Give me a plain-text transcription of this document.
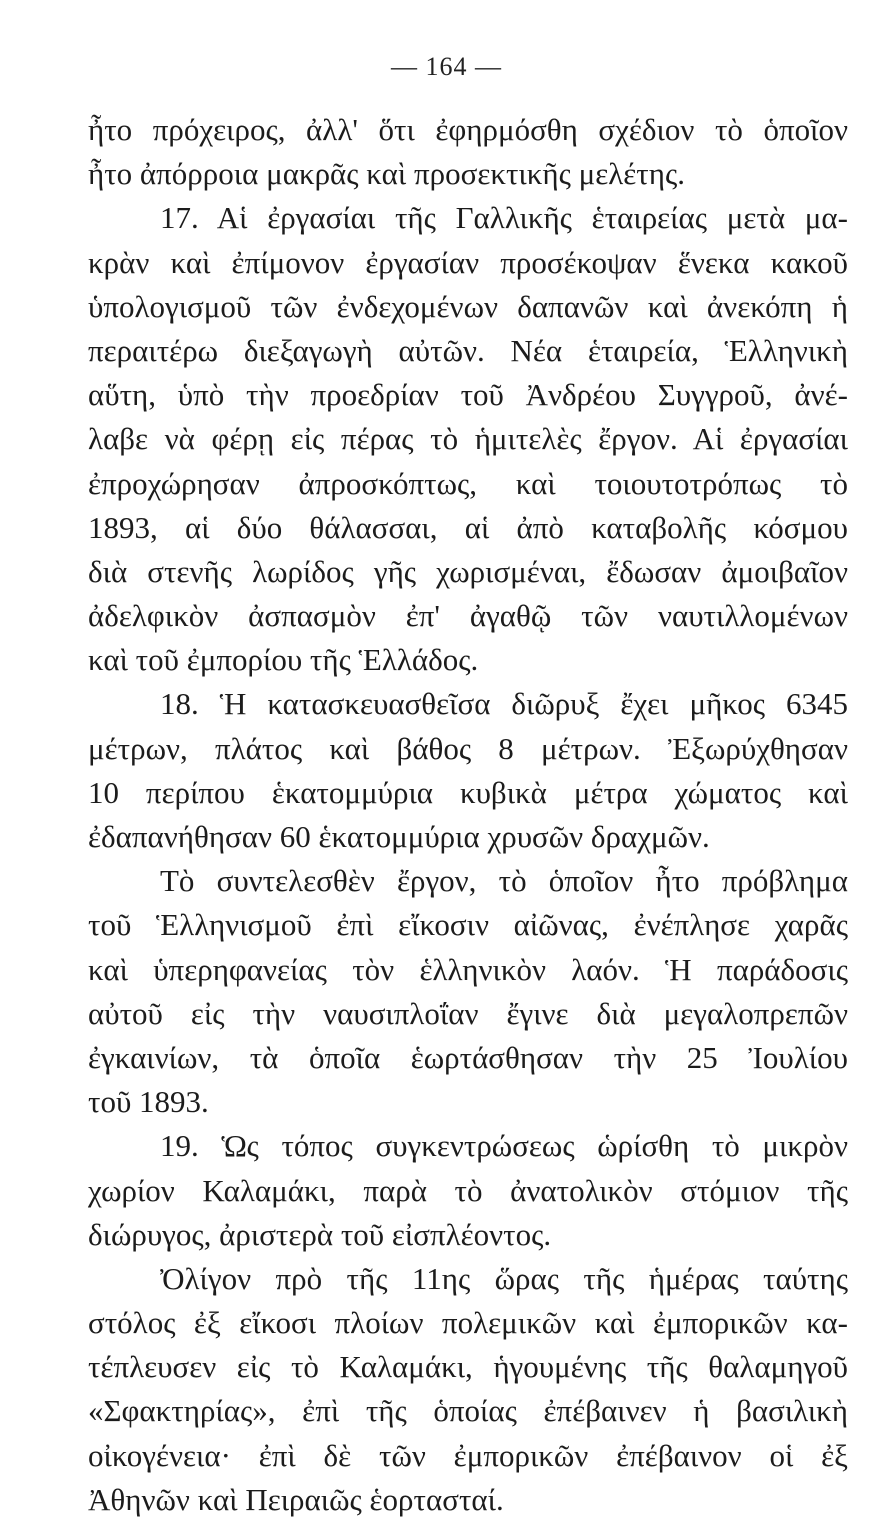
— 164 —
ἦτο πρόχειρος, ἀλλ' ὅτι ἐφηρμόσθη σχέδιον τὸ ὁποῖον
ἦτο ἀπόρροια μακρᾶς καὶ προσεκτικῆς μελέτης.
17. Αἱ ἐργασίαι τῆς Γαλλικῆς ἑταιρείας μετὰ μα-
κρὰν καὶ ἐπίμονον ἐργασίαν προσέκοψαν ἕνεκα κακοῦ
ὑπολογισμοῦ τῶν ἐνδεχομένων δαπανῶν καὶ ἀνεκόπη ἡ
περαιτέρω διεξαγωγὴ αὐτῶν. Νέα ἑταιρεία, Ἑλληνικὴ
αὕτη, ὑπὸ τὴν προεδρίαν τοῦ Ἀνδρέου Συγγροῦ, ἀνέ-
λαβε νὰ φέρῃ εἰς πέρας τὸ ἡμιτελὲς ἔργον. Αἱ ἐργασίαι
ἐπροχώρησαν ἀπροσκόπτως, καὶ τοιουτοτρόπως τὸ
1893, αἱ δύο θάλασσαι, αἱ ἀπὸ καταβολῆς κόσμου
διὰ στενῆς λωρίδος γῆς χωρισμέναι, ἔδωσαν ἀμοιβαῖον
ἀδελφικὸν ἀσπασμὸν ἐπ' ἀγαθῷ τῶν ναυτιλλομένων
καὶ τοῦ ἐμπορίου τῆς Ἑλλάδος.
18. Ἡ κατασκευασθεῖσα διῶρυξ ἔχει μῆκος 6345
μέτρων, πλάτος καὶ βάθος 8 μέτρων. Ἐξωρύχθησαν
10 περίπου ἑκατομμύρια κυβικὰ μέτρα χώματος καὶ
ἐδαπανήθησαν 60 ἑκατομμύρια χρυσῶν δραχμῶν.
Τὸ συντελεσθὲν ἔργον, τὸ ὁποῖον ἦτο πρόβλημα
τοῦ Ἑλληνισμοῦ ἐπὶ εἴκοσιν αἰῶνας, ἐνέπλησε χαρᾶς
καὶ ὑπερηφανείας τὸν ἑλληνικὸν λαόν. Ἡ παράδοσις
αὐτοῦ εἰς τὴν ναυσιπλοΐαν ἔγινε διὰ μεγαλοπρεπῶν
ἐγκαινίων, τὰ ὁποῖα ἑωρτάσθησαν τὴν 25 Ἰουλίου
τοῦ 1893.
19. Ὡς τόπος συγκεντρώσεως ὡρίσθη τὸ μικρὸν
χωρίον Καλαμάκι, παρὰ τὸ ἀνατολικὸν στόμιον τῆς
διώρυγος, ἀριστερὰ τοῦ εἰσπλέοντος.
Ὀλίγον πρὸ τῆς 11ης ὥρας τῆς ἡμέρας ταύτης
στόλος ἐξ εἴκοσι πλοίων πολεμικῶν καὶ ἐμπορικῶν κα-
τέπλευσεν εἰς τὸ Καλαμάκι, ἡγουμένης τῆς θαλαμηγοῦ
«Σφακτηρίας», ἐπὶ τῆς ὁποίας ἐπέβαινεν ἡ βασιλικὴ
οἰκογένεια· ἐπὶ δὲ τῶν ἐμπορικῶν ἐπέβαινον οἱ ἐξ
Ἀθηνῶν καὶ Πειραιῶς ἑορτασταί.
